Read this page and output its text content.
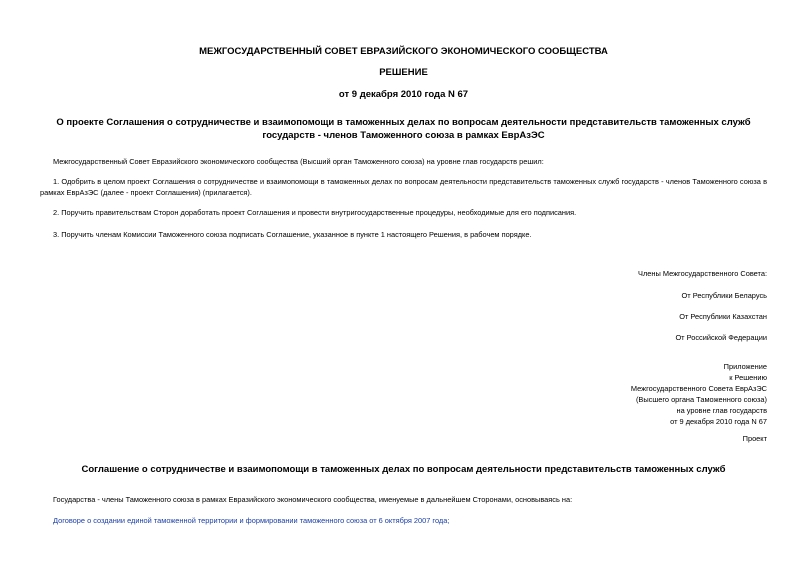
МЕЖГОСУДАРСТВЕННЫЙ СОВЕТ ЕВРАЗИЙСКОГО ЭКОНОМИЧЕСКОГО СООБЩЕСТВА
РЕШЕНИЕ
от 9 декабря 2010 года N 67
О проекте Соглашения о сотрудничестве и взаимопомощи в таможенных делах по вопросам деятельности представительств таможенных служб государств - членов Таможенного союза в рамках ЕврАзЭС
Межгосударственный Совет Евразийского экономического сообщества (Высший орган Таможенного союза) на уровне глав государств решил:
1. Одобрить в целом проект Соглашения о сотрудничестве и взаимопомощи в таможенных делах по вопросам деятельности представительств таможенных служб государств - членов Таможенного союза в рамках ЕврАзЭС (далее - проект Соглашения) (прилагается).
2. Поручить правительствам Сторон доработать проект Соглашения и провести внутригосударственные процедуры, необходимые для его подписания.
3. Поручить членам Комиссии Таможенного союза подписать Соглашение, указанное в пункте 1 настоящего Решения, в рабочем порядке.
Члены Межгосударственного Совета:
От Республики Беларусь
От Республики Казахстан
От Российской Федерации
Приложение
к Решению
Межгосударственного Совета ЕврАзЭС
(Высшего органа Таможенного союза)
на уровне глав государств
от 9 декабря 2010 года N 67
Проект
Соглашение о сотрудничестве и взаимопомощи в таможенных делах по вопросам деятельности представительств таможенных служб
Государства - члены Таможенного союза в рамках Евразийского экономического сообщества, именуемые в дальнейшем Сторонами, основываясь на:
Договоре о создании единой таможенной территории и формировании таможенного союза от 6 октября 2007 года;
